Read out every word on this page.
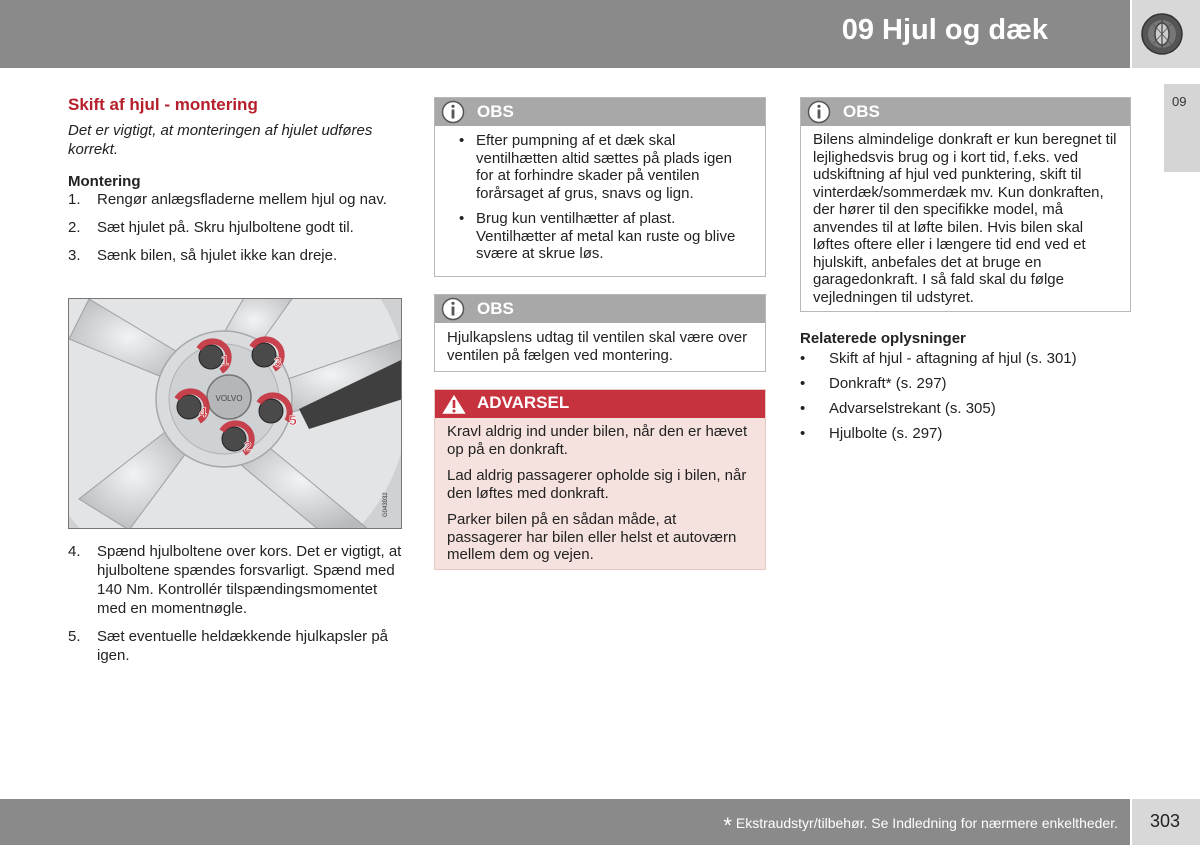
09 Hjul og dæk
09
Skift af hjul - montering
Det er vigtigt, at monteringen af hjulet udføres korrekt.
Montering
1. Rengør anlægsfladerne mellem hjul og nav.
2. Sæt hjulet på. Skru hjulboltene godt til.
3. Sænk bilen, så hjulet ikke kan dreje.
VOLVO
1
2
3
4	5
G043932
4. Spænd hjulboltene over kors. Det er vigtigt, at hjulboltene spændes forsvarligt. Spænd med 140 Nm. Kontrollér tilspændingsmomentet med en momentnøgle.
5. Sæt eventuelle heldækkende hjulkapsler på igen.
OBS
• Efter pumpning af et dæk skal ventilhætten altid sættes på plads igen for at forhindre skader på ventilen forårsaget af grus, snavs og lign.
• Brug kun ventilhætter af plast. Ventilhætter af metal kan ruste og blive svære at skrue løs.
OBS
Hjulkapslens udtag til ventilen skal være over ventilen på fælgen ved montering.
ADVARSEL

Kravl aldrig ind under bilen, når den er hævet op på en donkraft.

Lad aldrig passagerer opholde sig i bilen, når den løftes med donkraft.

Parker bilen på en sådan måde, at passagerer har bilen eller helst et autoværn mellem dem og vejen.

OBS
Bilens almindelige donkraft er kun beregnet til lejlighedsvis brug og i kort tid, f.eks. ved udskiftning af hjul ved punktering, skift til vinterdæk/sommerdæk mv. Kun donkraften, der hører til den specifikke model, må anvendes til at løfte bilen. Hvis bilen skal løftes oftere eller i længere tid end ved et hjulskift, anbefales det at bruge en garagedonkraft. I så fald skal du følge vejledningen til udstyret.
Relaterede oplysninger
• Skift af hjul - aftagning af hjul (s. 301)
• Donkraft* (s. 297)
• Advarselstrekant (s. 305)
• Hjulbolte (s. 297)
* Ekstraudstyr/tilbehør. Se Indledning for nærmere enkeltheder. 303
